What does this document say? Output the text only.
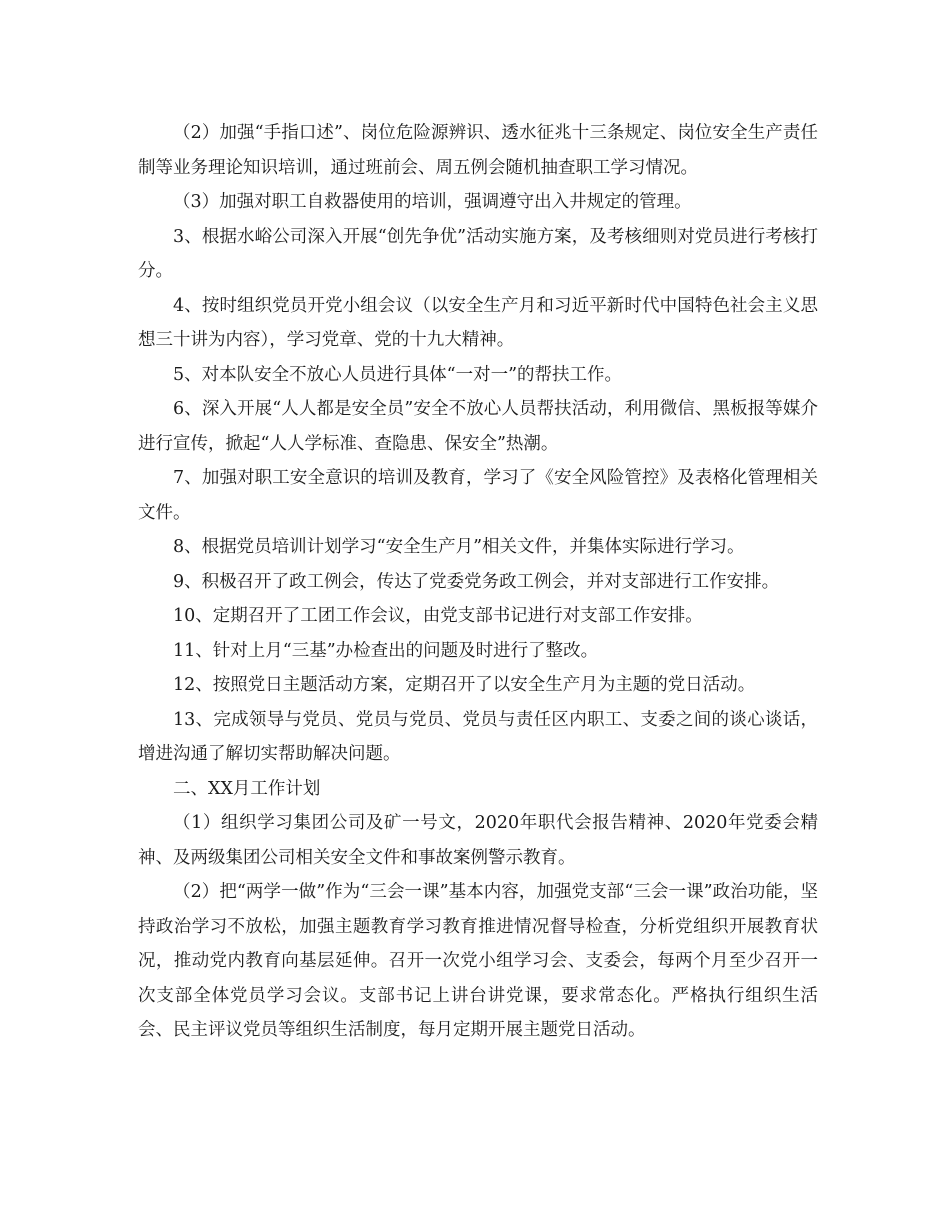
（2）加强“手指口述”、岗位危险源辨识、透水征兆十三条规定、岗位安全生产责任制等业务理论知识培训，通过班前会、周五例会随机抽查职工学习情况。

（3）加强对职工自救器使用的培训，强调遵守出入井规定的管理。

3、根据水峪公司深入开展“创先争优”活动实施方案，及考核细则对党员进行考核打分。

4、按时组织党员开党小组会议（以安全生产月和习近平新时代中国特色社会主义思想三十讲为内容），学习党章、党的十九大精神。

5、对本队安全不放心人员进行具体“一对一”的帮扶工作。

6、深入开展“人人都是安全员”安全不放心人员帮扶活动，利用微信、黑板报等媒介进行宣传，掀起“人人学标准、查隐患、保安全”热潮。

7、加强对职工安全意识的培训及教育，学习了《安全风险管控》及表格化管理相关文件。

8、根据党员培训计划学习“安全生产月”相关文件，并集体实际进行学习。

9、积极召开了政工例会，传达了党委党务政工例会，并对支部进行工作安排。

10、定期召开了工团工作会议，由党支部书记进行对支部工作安排。

11、针对上月“三基”办检查出的问题及时进行了整改。

12、按照党日主题活动方案，定期召开了以安全生产月为主题的党日活动。

13、完成领导与党员、党员与党员、党员与责任区内职工、支委之间的谈心谈话，增进沟通了解切实帮助解决问题。

二、XX月工作计划

（1）组织学习集团公司及矿一号文，2020年职代会报告精神、2020年党委会精神、及两级集团公司相关安全文件和事故案例警示教育。

（2）把“两学一做”作为“三会一课”基本内容，加强党支部“三会一课”政治功能，坚持政治学习不放松，加强主题教育学习教育推进情况督导检查，分析党组织开展教育状况，推动党内教育向基层延伸。召开一次党小组学习会、支委会，每两个月至少召开一次支部全体党员学习会议。支部书记上讲台讲党课，要求常态化。严格执行组织生活会、民主评议党员等组织生活制度，每月定期开展主题党日活动。
